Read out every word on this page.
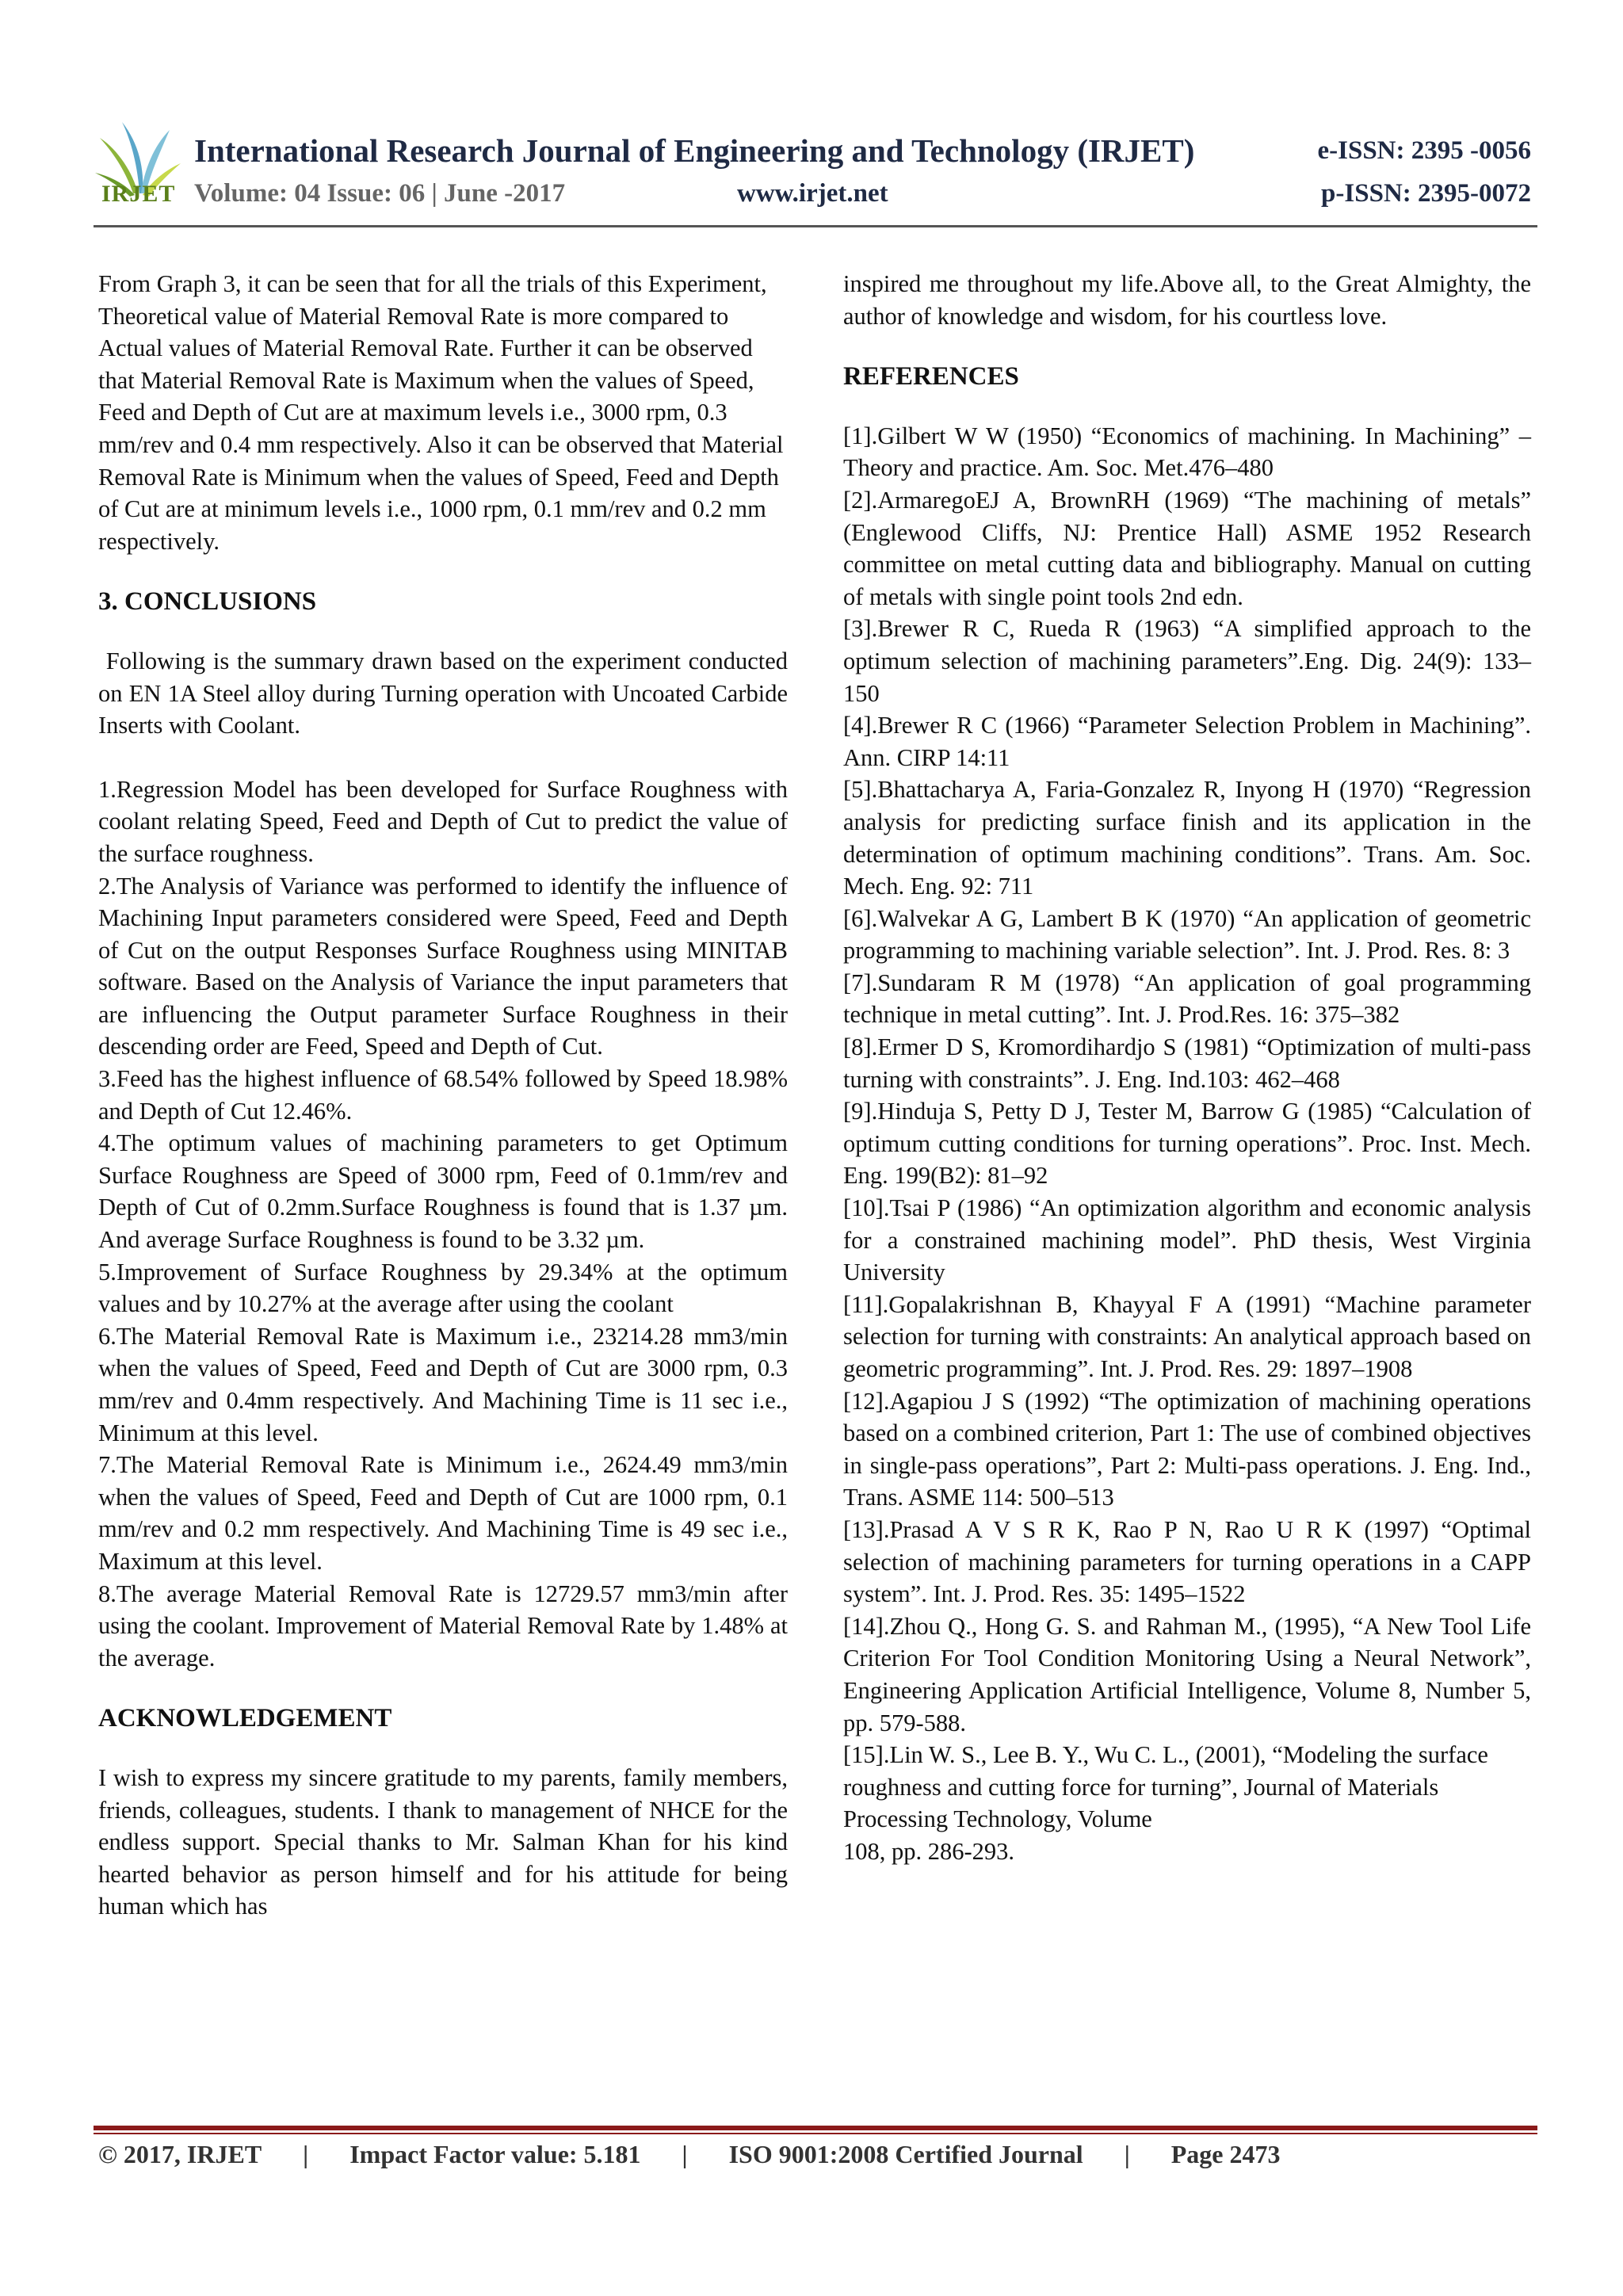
IRJET
International Research Journal of Engineering and Technology (IRJET)	e-ISSN: 2395 -0056
Volume: 04 Issue: 06 | June -2017	www.irjet.net	p-ISSN: 2395-0072

From Graph 3, it can be seen that for all the trials of this Experiment, Theoretical value of Material Removal Rate is more compared to Actual values of Material Removal Rate. Further it can be observed that Material Removal Rate is Maximum when the values of Speed, Feed and Depth of Cut are at maximum levels i.e., 3000 rpm, 0.3 mm/rev and 0.4 mm respectively. Also it can be observed that Material Removal Rate is Minimum when the values of Speed, Feed and Depth of Cut are at minimum levels i.e., 1000 rpm, 0.1 mm/rev and 0.2 mm respectively.

3. CONCLUSIONS

Following is the summary drawn based on the experiment conducted on EN 1A Steel alloy during Turning operation with Uncoated Carbide Inserts with Coolant.

1.Regression Model has been developed for Surface Roughness with coolant relating Speed, Feed and Depth of Cut to predict the value of the surface roughness.

2.The Analysis of Variance was performed to identify the influence of Machining Input parameters considered were Speed, Feed and Depth of Cut on the output Responses Surface Roughness using MINITAB software. Based on the Analysis of Variance the input parameters that are influencing the Output parameter Surface Roughness in their descending order are Feed, Speed and Depth of Cut.

3.Feed has the highest influence of 68.54% followed by Speed 18.98% and Depth of Cut 12.46%.

4.The optimum values of machining parameters to get Optimum Surface Roughness are Speed of 3000 rpm, Feed of 0.1mm/rev and Depth of Cut of 0.2mm.Surface Roughness is found that is 1.37 µm. And average Surface Roughness is found to be 3.32 µm.

5.Improvement of Surface Roughness by 29.34% at the optimum values and by 10.27% at the average after using the coolant

6.The Material Removal Rate is Maximum i.e., 23214.28 mm3/min when the values of Speed, Feed and Depth of Cut are 3000 rpm, 0.3 mm/rev and 0.4mm respectively. And Machining Time is 11 sec i.e., Minimum at this level.

7.The Material Removal Rate is Minimum i.e., 2624.49 mm3/min when the values of Speed, Feed and Depth of Cut are 1000 rpm, 0.1 mm/rev and 0.2 mm respectively. And Machining Time is 49 sec i.e., Maximum at this level.

8.The average Material Removal Rate is 12729.57 mm3/min after using the coolant. Improvement of Material Removal Rate by 1.48% at the average.

ACKNOWLEDGEMENT

I wish to express my sincere gratitude to my parents, family members, friends, colleagues, students. I thank to management of NHCE for the endless support. Special thanks to Mr. Salman Khan for his kind hearted behavior as person himself and for his attitude for being human which has

inspired me throughout my life.Above all, to the Great Almighty, the author of knowledge and wisdom, for his courtless love.

REFERENCES

[1].Gilbert W W (1950) “Economics of machining. In Machining” – Theory and practice. Am. Soc. Met.476–480

[2].ArmaregoEJ A, BrownRH (1969) “The machining of metals” (Englewood Cliffs, NJ: Prentice Hall) ASME 1952 Research committee on metal cutting data and bibliography. Manual on cutting of metals with single point tools 2nd edn.

[3].Brewer R C, Rueda R (1963) “A simplified approach to the optimum selection of machining parameters”.Eng. Dig. 24(9): 133–150

[4].Brewer R C (1966) “Parameter Selection Problem in Machining”. Ann. CIRP 14:11

[5].Bhattacharya A, Faria-Gonzalez R, Inyong H (1970) “Regression analysis for predicting surface finish and its application in the determination of optimum machining conditions”. Trans. Am. Soc. Mech. Eng. 92: 711

[6].Walvekar A G, Lambert B K (1970) “An application of geometric programming to machining variable selection”. Int. J. Prod. Res. 8: 3

[7].Sundaram R M (1978) “An application of goal programming technique in metal cutting”. Int. J. Prod.Res. 16: 375–382

[8].Ermer D S, Kromordihardjo S (1981) “Optimization of multi-pass turning with constraints”. J. Eng. Ind.103: 462–468

[9].Hinduja S, Petty D J, Tester M, Barrow G (1985) “Calculation of optimum cutting conditions for turning operations”. Proc. Inst. Mech. Eng. 199(B2): 81–92

[10].Tsai P (1986) “An optimization algorithm and economic analysis for a constrained machining model”. PhD thesis, West Virginia University

[11].Gopalakrishnan B, Khayyal F A (1991) “Machine parameter selection for turning with constraints: An analytical approach based on geometric programming”. Int. J. Prod. Res. 29: 1897–1908

[12].Agapiou J S (1992) “The optimization of machining operations based on a combined criterion, Part 1: The use of combined objectives in single-pass operations”, Part 2: Multi-pass operations. J. Eng. Ind., Trans. ASME 114: 500–513

[13].Prasad A V S R K, Rao P N, Rao U R K (1997) “Optimal selection of machining parameters for turning operations in a CAPP system”. Int. J. Prod. Res. 35: 1495–1522

[14].Zhou Q., Hong G. S. and Rahman M., (1995), “A New Tool Life Criterion For Tool Condition Monitoring Using a Neural Network”, Engineering Application Artificial Intelligence, Volume 8, Number 5, pp. 579-588.

[15].Lin W. S., Lee B. Y., Wu C. L., (2001), “Modeling the surface roughness and cutting force for turning”, Journal of Materials Processing Technology, Volume

108, pp. 286-293.

© 2017, IRJET | Impact Factor value: 5.181 | ISO 9001:2008 Certified Journal | Page 2473
